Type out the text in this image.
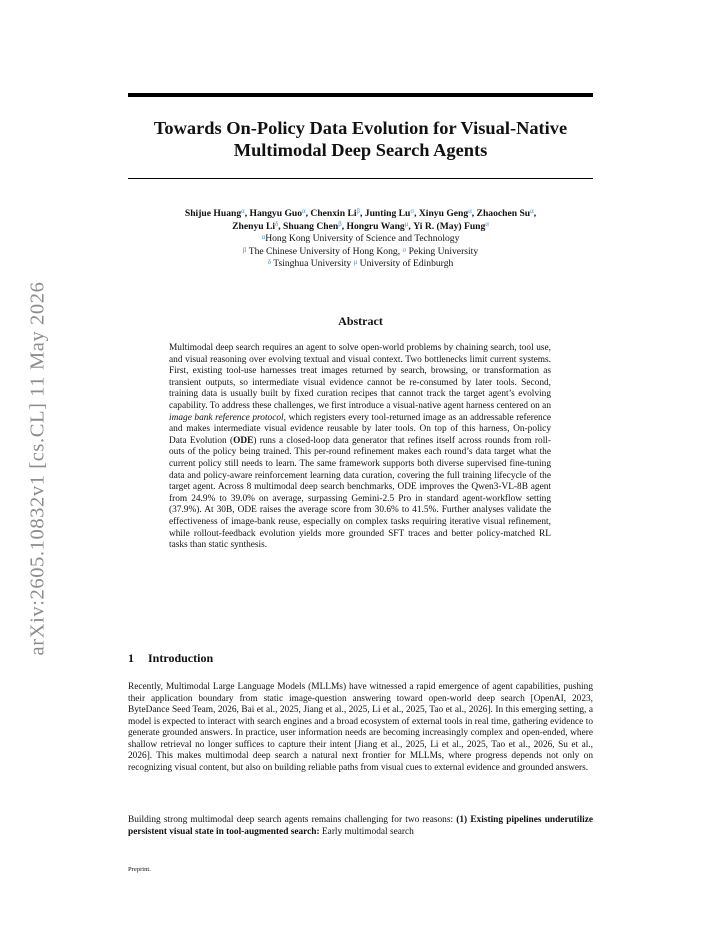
arXiv:2605.10832v1 [cs.CL] 11 May 2026
Towards On-Policy Data Evolution for Visual-Native
Multimodal Deep Search Agents
Shijue Huang$^\alpha$, Hangyu Guo$^\alpha$, Chenxin $Li^\beta$, Junting $Lu^\sigma$, Xinyu Geng$^\alpha$, Zhaochen $Su^\alpha$,
Zhenyu $Li^\delta$, Shuang Chen$^\beta$, Hongru Wang$^\mu$, Yi R. (May) Fung$^\alpha$
$^\alpha$Hong Kong University of Science and Technology
$^\beta$ The Chinese University of Hong Kong, $^\sigma$ Peking University
$^\delta$ Tsinghua University $^\mu$ University of Edinburgh
Abstract
Multimodal deep search requires an agent to solve open-world problems by chaining search, tool use, and visual reasoning over evolving textual and visual context. Two bottlenecks limit current systems. First, existing tool-use harnesses treat images returned by search, browsing, or transformation as transient outputs, so intermediate visual evidence cannot be re-consumed by later tools. Second, training data is usually built by fixed curation recipes that cannot track the target agent’s evolving capability. To address these challenges, we first introduce a visual-native agent harness centered on an image bank reference protocol, which registers every tool-returned image as an addressable reference and makes intermediate visual evidence reusable by later tools. On top of this harness, On-policy Data Evolution (ODE) runs a closed-loop data generator that refines itself across rounds from roll-outs of the policy being trained. This per-round refinement makes each round’s data target what the current policy still needs to learn. The same framework supports both diverse supervised fine-tuning data and policy-aware reinforcement learning data curation, covering the full training lifecycle of the target agent. Across 8 multimodal deep search benchmarks, ODE improves the Qwen3-VL-8B agent from 24.9% to 39.0% on average, surpassing Gemini-2.5 Pro in standard agent-workflow setting (37.9%). At 30B, ODE raises the average score from 30.6% to 41.5%. Further analyses validate the effectiveness of image-bank reuse, especially on complex tasks requiring iterative visual refinement, while rollout-feedback evolution yields more grounded SFT traces and better policy-matched RL tasks than static synthesis.
1 Introduction

Recently, Multimodal Large Language Models (MLLMs) have witnessed a rapid emergence of agent capabilities, pushing their application boundary from static image-question answering toward open-world deep search [OpenAI, 2023, ByteDance Seed Team, 2026, Bai et al., 2025, Jiang et al., 2025, Li et al., 2025, Tao et al., 2026]. In this emerging setting, a model is expected to interact with search engines and a broad ecosystem of external tools in real time, gathering evidence to generate grounded answers. In practice, user information needs are becoming increasingly complex and open-ended, where shallow retrieval no longer suffices to capture their intent [Jiang et al., 2025, Li et al., 2025, Tao et al., 2026, Su et al., 2026]. This makes multimodal deep search a natural next frontier for MLLMs, where progress depends not only on recognizing visual content, but also on building reliable paths from visual cues to external evidence and grounded answers.

Building strong multimodal deep search agents remains challenging for two reasons: (1) Existing pipelines underutilize persistent visual state in tool-augmented search: Early multimodal search

Preprint.
